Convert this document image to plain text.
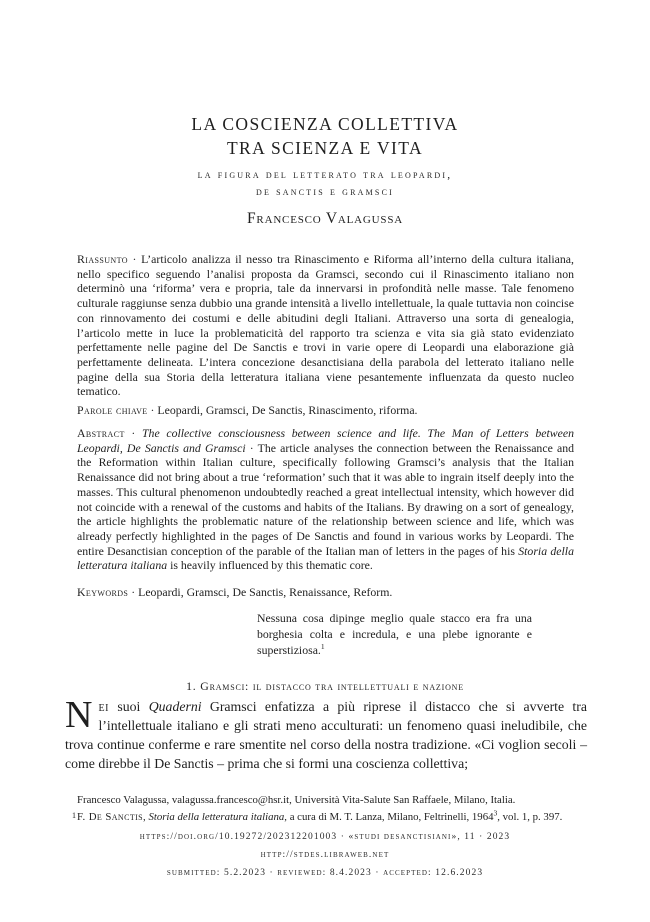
LA COSCIENZA COLLETTIVA
TRA SCIENZA E VITA
la figura del letterato tra leopardi,
de sanctis e gramsci
Francesco Valagussa
Riassunto · L’articolo analizza il nesso tra Rinascimento e Riforma all’interno della cultura italiana, nello specifico seguendo l’analisi proposta da Gramsci, secondo cui il Rinascimento italiano non determinò una ‘riforma’ vera e propria, tale da innervarsi in profondità nelle masse. Tale fenomeno culturale raggiunse senza dubbio una grande intensità a livello intellettuale, la quale tuttavia non coincise con rinnovamento dei costumi e delle abitudini degli Italiani. Attraverso una sorta di genealogia, l’articolo mette in luce la problematicità del rapporto tra scienza e vita sia già stato evidenziato perfettamente nelle pagine del De Sanctis e trovi in varie opere di Leopardi una elaborazione già perfettamente delineata. L’intera concezione desanctisiana della parabola del letterato italiano nelle pagine della sua Storia della letteratura italiana viene pesantemente influenzata da questo nucleo tematico.
Parole chiave · Leopardi, Gramsci, De Sanctis, Rinascimento, riforma.
Abstract · The collective consciousness between science and life. The Man of Letters between Leopardi, De Sanctis and Gramsci · The article analyses the connection between the Renaissance and the Reformation within Italian culture, specifically following Gramsci’s analysis that the Italian Renaissance did not bring about a true ‘reformation’ such that it was able to ingrain itself deeply into the masses. This cultural phenomenon undoubtedly reached a great intellectual intensity, which however did not coincide with a renewal of the customs and habits of the Italians. By drawing on a sort of genealogy, the article highlights the problematic nature of the relationship between science and life, which was already perfectly highlighted in the pages of De Sanctis and found in various works by Leopardi. The entire Desanctisian conception of the parable of the Italian man of letters in the pages of his Storia della letteratura italiana is heavily influenced by this thematic core.
Keywords · Leopardi, Gramsci, De Sanctis, Renaissance, Reform.
Nessuna cosa dipinge meglio quale stacco era fra una borghesia colta e incredula, e una plebe ignorante e superstiziosa.$^1$
1. Gramsci: il distacco tra intellettuali e nazione
Nei suoi Quaderni Gramsci enfatizza a più riprese il distacco che si avverte tra l’intellettuale italiano e gli strati meno acculturati: un fenomeno quasi ineludibile, che trova continue conferme e rare smentite nel corso della nostra tradizione. «Ci voglion secoli – come direbbe il De Sanctis – prima che si formi una coscienza collettiva;
Francesco Valagussa, valagussa.francesco@hsr.it, Università Vita-Salute San Raffaele, Milano, Italia.
1 F. De Sanctis, Storia della letteratura italiana, a cura di M. T. Lanza, Milano, Feltrinelli, 1964$^3$, vol. 1, p. 397.
https://doi.org/10.19272/202312201003 · «studi desanctisiani», 11 · 2023
http://stdes.libraweb.net
submitted: 5.2.2023 · reviewed: 8.4.2023 · accepted: 12.6.2023
